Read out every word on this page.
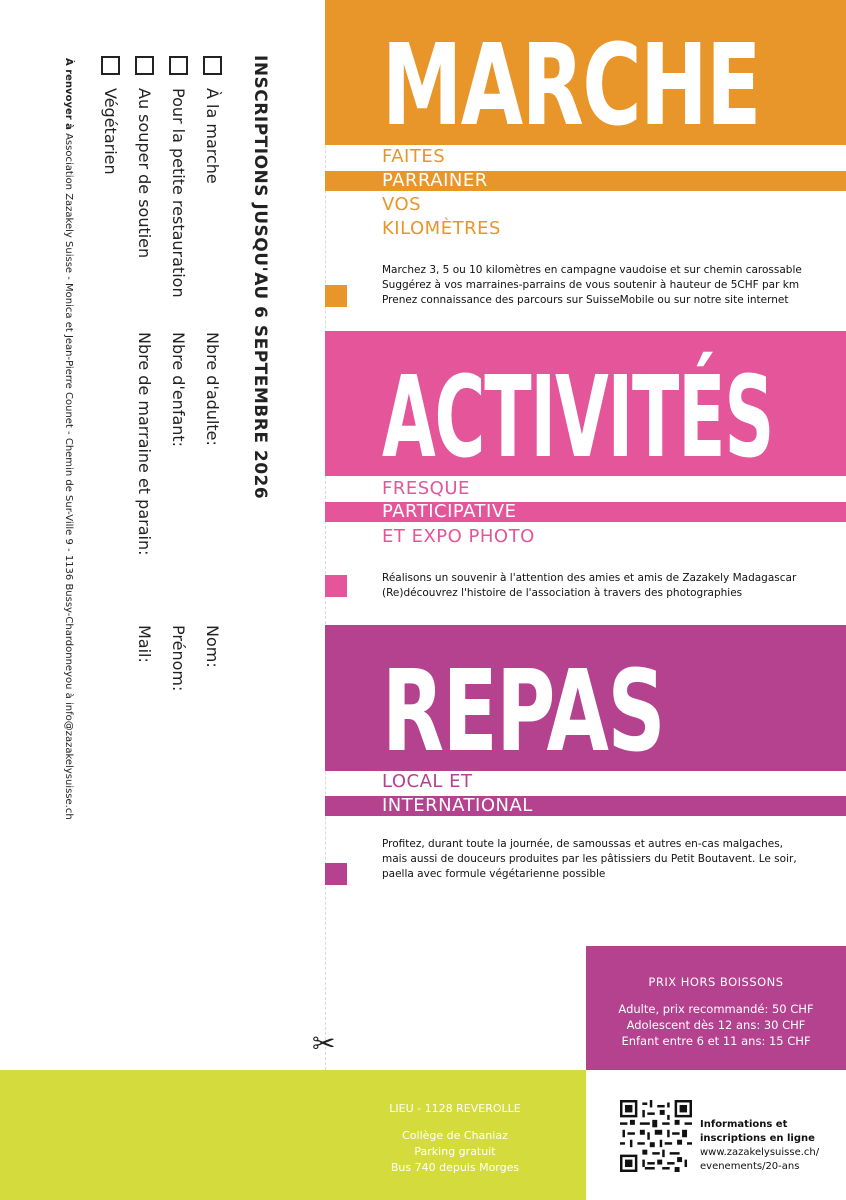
INSCRIPTIONS JUSQU'AU 6 SEPTEMBRE 2026
À la marche
Pour la petite restauration
Au souper de soutien
Végétarien
Nbre d'adulte:
Nbre d'enfant:
Nbre de marraine et parain:
Nom:
Prénom:
Mail:
À renvoyer à Association Zazakely Suisse - Monica et Jean-Pierre Counet - Chemin de Sur-Ville 9 - 1136 Bussy-Chardonneyou à info@zazakelysuisse.ch
✂
MARCHE
FAITES
PARRAINER
VOS
KILOMÈTRES
Marchez 3, 5 ou 10 kilomètres en campagne vaudoise et sur chemin carossable
Suggérez à vos marraines-parrains de vous soutenir à hauteur de 5CHF par km
Prenez connaissance des parcours sur SuisseMobile ou sur notre site internet
ACTIVITÉS
FRESQUE
PARTICIPATIVE
ET EXPO PHOTO
Réalisons un souvenir à l'attention des amies et amis de Zazakely Madagascar
(Re)découvrez l'histoire de l'association à travers des photographies
REPAS
LOCAL ET
INTERNATIONAL
Profitez, durant toute la journée, de samoussas et autres en-cas malgaches,
mais aussi de douceurs produites par les pâtissiers du Petit Boutavent. Le soir,
paella avec formule végétarienne possible
PRIX HORS BOISSONS
Adulte, prix recommandé: 50 CHF
Adolescent dès 12 ans: 30 CHF
Enfant entre 6 et 11 ans: 15 CHF
LIEU - 1128 REVEROLLE
Collège de Chaniaz
Parking gratuit
Bus 740 depuis Morges
Informations et
inscriptions en ligne
www.zazakelysuisse.ch/
evenements/20-ans
